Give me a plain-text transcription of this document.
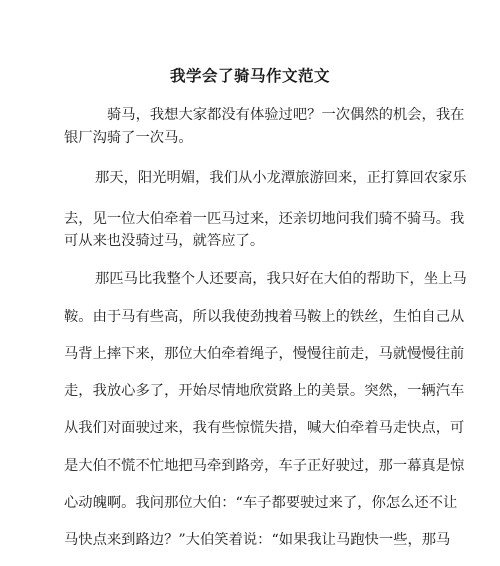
我学会了骑马作文范文
骑马，我想大家都没有体验过吧？一次偶然的机会，我在
银厂沟骑了一次马。
那天，阳光明媚，我们从小龙潭旅游回来，正打算回农家乐
去，见一位大伯牵着一匹马过来，还亲切地问我们骑不骑马。我
可从来也没骑过马，就答应了。
那匹马比我整个人还要高，我只好在大伯的帮助下，坐上马
鞍。由于马有些高，所以我使劲拽着马鞍上的铁丝，生怕自己从
马背上摔下来，那位大伯牵着绳子，慢慢往前走，马就慢慢往前
走，我放心多了，开始尽情地欣赏路上的美景。突然，一辆汽车
从我们对面驶过来，我有些惊慌失措，喊大伯牵着马走快点，可
是大伯不慌不忙地把马牵到路旁，车子正好驶过，那一幕真是惊
心动魄啊。我问那位大伯：“车子都要驶过来了，你怎么还不让
马快点来到路边？”大伯笑着说：“如果我让马跑快一些，那马
